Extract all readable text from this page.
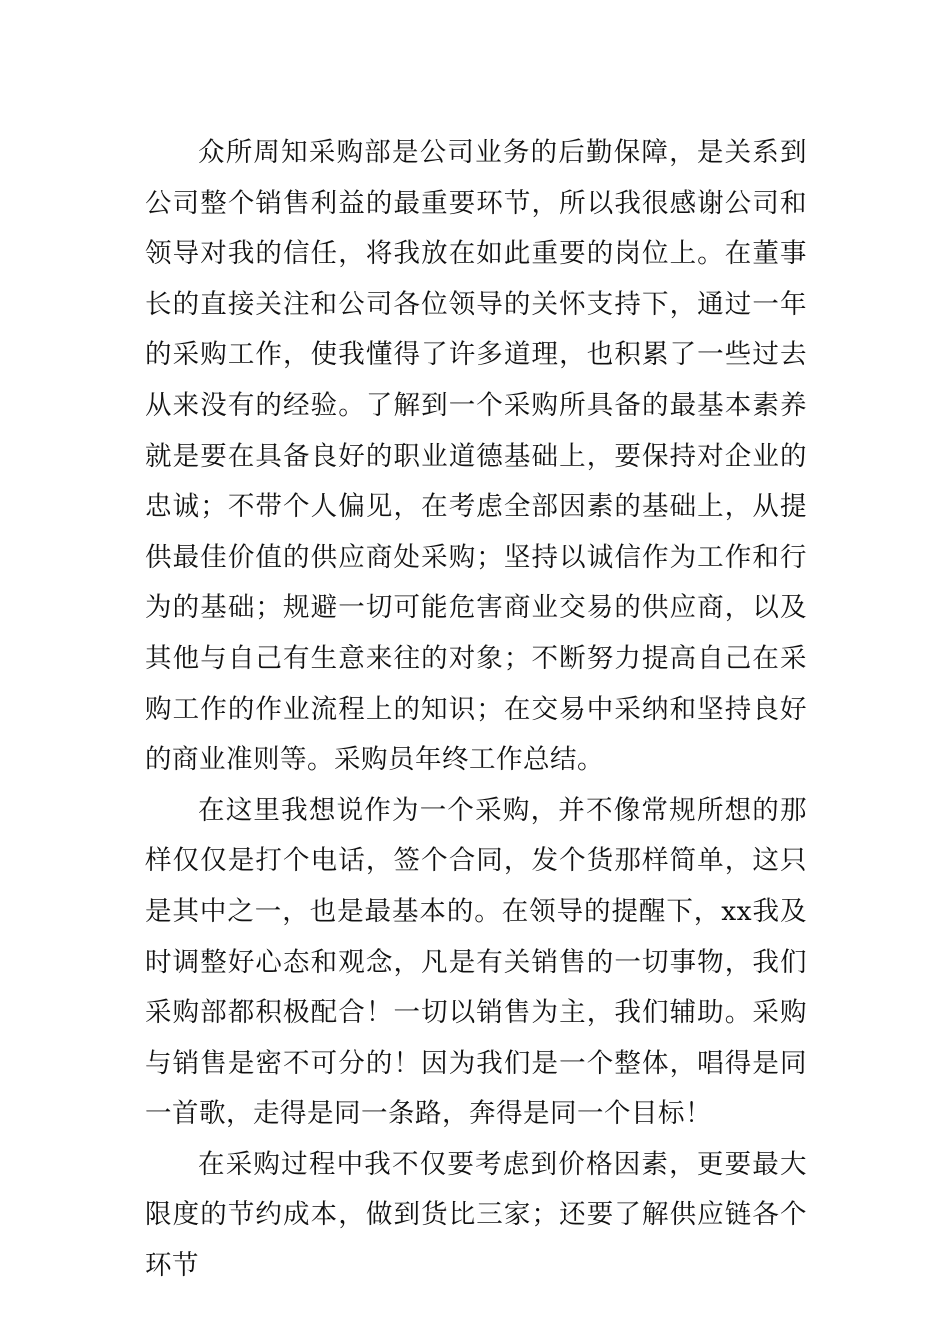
众所周知采购部是公司业务的后勤保障，是关系到公司整个销售利益的最重要环节，所以我很感谢公司和领导对我的信任，将我放在如此重要的岗位上。在董事长的直接关注和公司各位领导的关怀支持下，通过一年的采购工作，使我懂得了许多道理，也积累了一些过去从来没有的经验。了解到一个采购所具备的最基本素养就是要在具备良好的职业道德基础上，要保持对企业的忠诚；不带个人偏见，在考虑全部因素的基础上，从提供最佳价值的供应商处采购；坚持以诚信作为工作和行为的基础；规避一切可能危害商业交易的供应商，以及其他与自己有生意来往的对象；不断努力提高自己在采购工作的作业流程上的知识；在交易中采纳和坚持良好的商业准则等。采购员年终工作总结。

在这里我想说作为一个采购，并不像常规所想的那样仅仅是打个电话，签个合同，发个货那样简单，这只是其中之一，也是最基本的。在领导的提醒下，xx我及时调整好心态和观念，凡是有关销售的一切事物，我们采购部都积极配合！一切以销售为主，我们辅助。采购与销售是密不可分的！因为我们是一个整体，唱得是同一首歌，走得是同一条路，奔得是同一个目标！

在采购过程中我不仅要考虑到价格因素，更要最大限度的节约成本，做到货比三家；还要了解供应链各个环节
